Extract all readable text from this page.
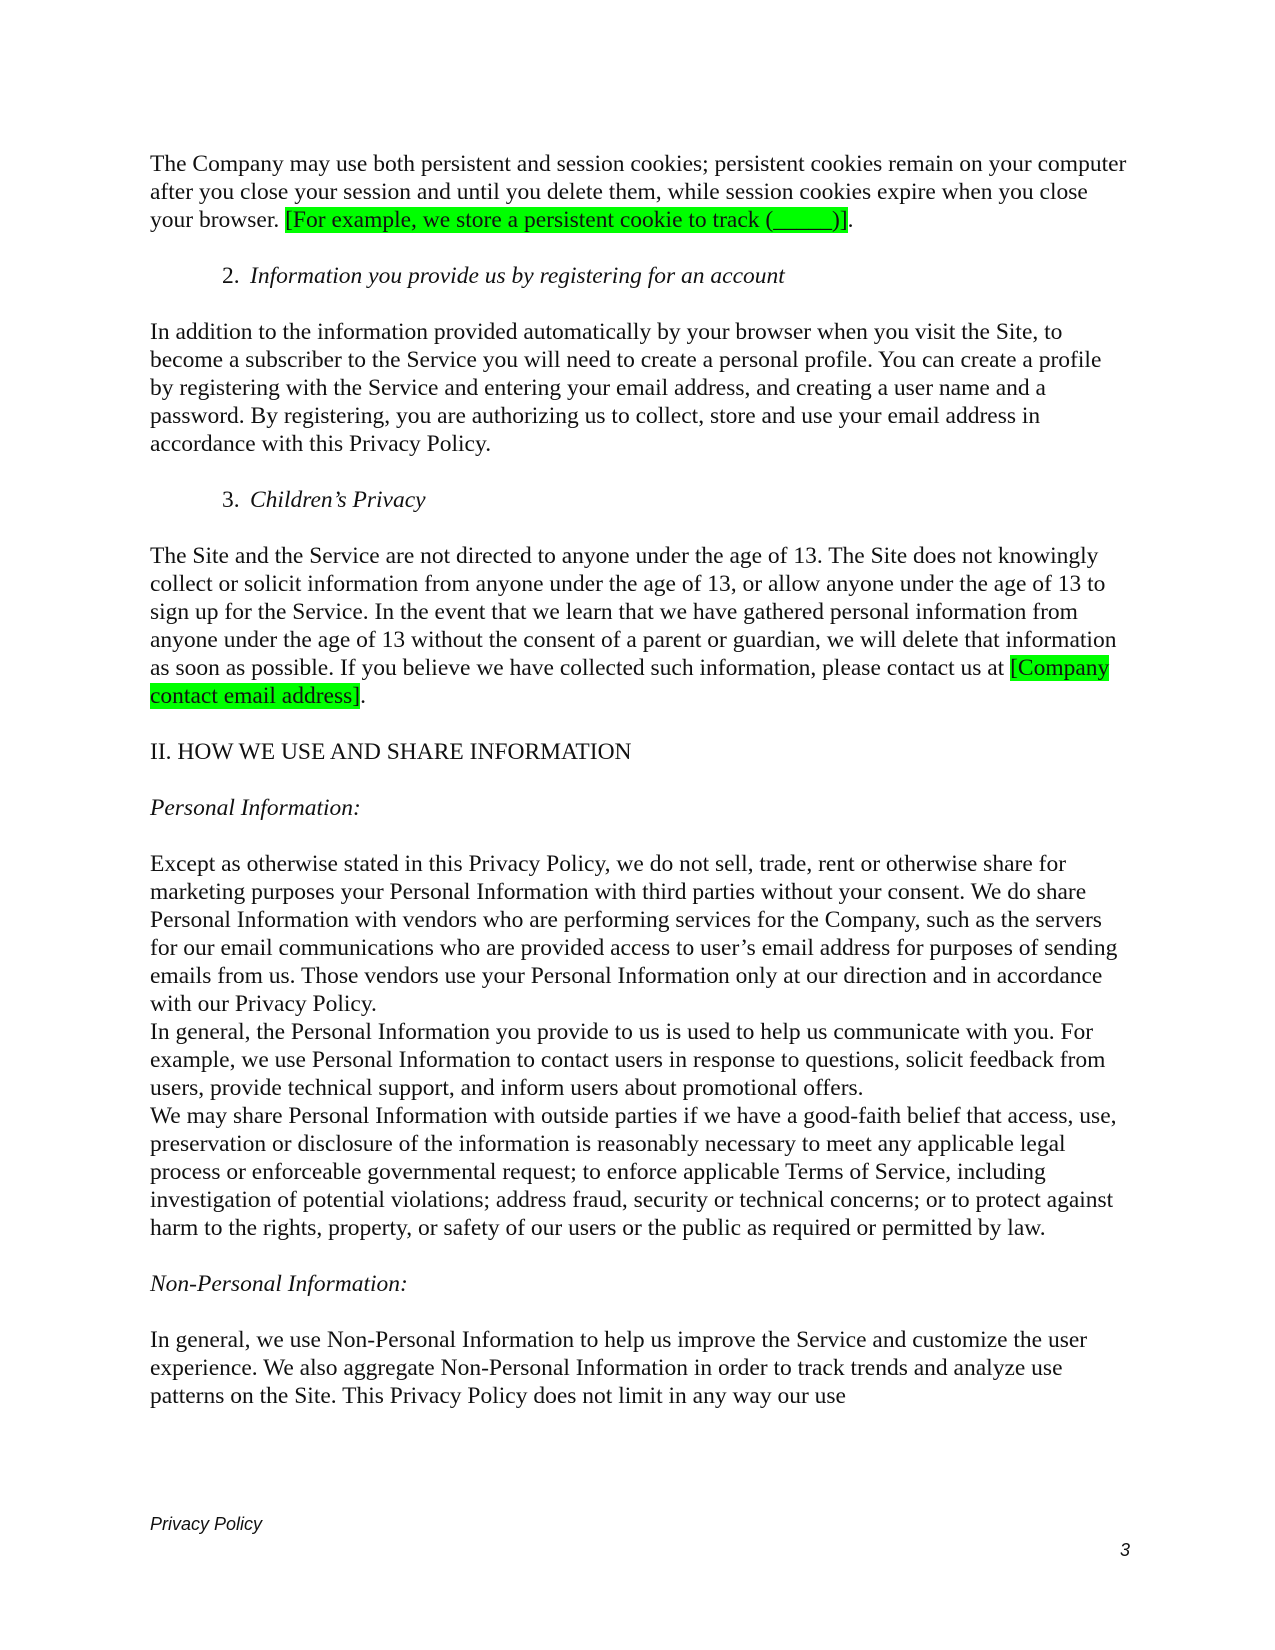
The Company may use both persistent and session cookies; persistent cookies remain on your computer after you close your session and until you delete them, while session cookies expire when you close your browser. [For example, we store a persistent cookie to track (_____)].

2. Information you provide us by registering for an account

In addition to the information provided automatically by your browser when you visit the Site, to become a subscriber to the Service you will need to create a personal profile. You can create a profile by registering with the Service and entering your email address, and creating a user name and a password. By registering, you are authorizing us to collect, store and use your email address in accordance with this Privacy Policy.

3. Children’s Privacy

The Site and the Service are not directed to anyone under the age of 13. The Site does not knowingly collect or solicit information from anyone under the age of 13, or allow anyone under the age of 13 to sign up for the Service. In the event that we learn that we have gathered personal information from anyone under the age of 13 without the consent of a parent or guardian, we will delete that information as soon as possible. If you believe we have collected such information, please contact us at [Company contact email address].

II. HOW WE USE AND SHARE INFORMATION

Personal Information:

Except as otherwise stated in this Privacy Policy, we do not sell, trade, rent or otherwise share for marketing purposes your Personal Information with third parties without your consent. We do share Personal Information with vendors who are performing services for the Company, such as the servers for our email communications who are provided access to user’s email address for purposes of sending emails from us. Those vendors use your Personal Information only at our direction and in accordance with our Privacy Policy.

In general, the Personal Information you provide to us is used to help us communicate with you. For example, we use Personal Information to contact users in response to questions, solicit feedback from users, provide technical support, and inform users about promotional offers.

We may share Personal Information with outside parties if we have a good-faith belief that access, use, preservation or disclosure of the information is reasonably necessary to meet any applicable legal process or enforceable governmental request; to enforce applicable Terms of Service, including investigation of potential violations; address fraud, security or technical concerns; or to protect against harm to the rights, property, or safety of our users or the public as required or permitted by law.

Non-Personal Information:

In general, we use Non-Personal Information to help us improve the Service and customize the user experience. We also aggregate Non-Personal Information in order to track trends and analyze use patterns on the Site. This Privacy Policy does not limit in any way our use

Privacy Policy
3
